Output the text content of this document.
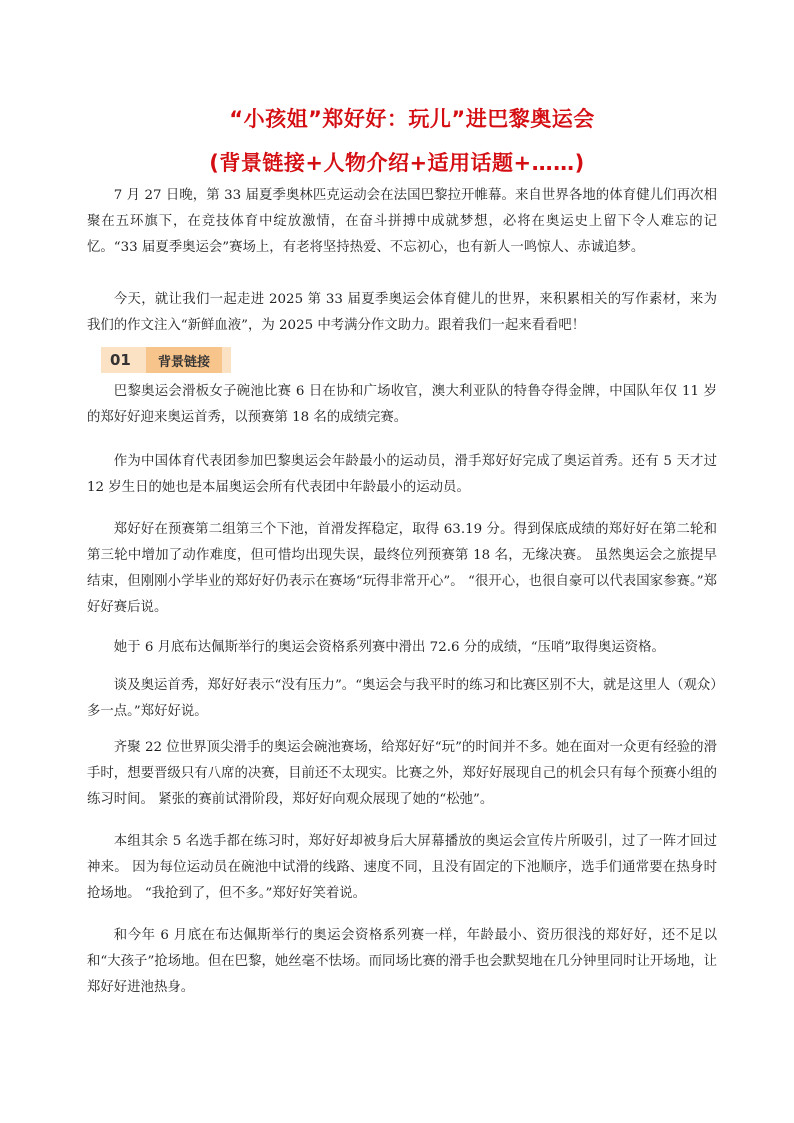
“小孩姐”郑好好：玩儿”进巴黎奥运会
(背景链接+人物介绍+适用话题+……)

7 月 27 日晚，第 33 届夏季奥林匹克运动会在法国巴黎拉开帷幕。来自世界各地的体育健儿们再次相聚在五环旗下，在竞技体育中绽放激情，在奋斗拼搏中成就梦想，必将在奥运史上留下令人难忘的记忆。“33 届夏季奥运会”赛场上，有老将坚持热爱、不忘初心，也有新人一鸣惊人、赤诚追梦。

今天，就让我们一起走进 2025 第 33 届夏季奥运会体育健儿的世界，来积累相关的写作素材，来为我们的作文注入“新鲜血液”，为 2025 中考满分作文助力。跟着我们一起来看看吧！

01	背景链接

巴黎奥运会滑板女子碗池比赛 6 日在协和广场收官，澳大利亚队的特鲁夺得金牌，中国队年仅 11 岁的郑好好迎来奥运首秀，以预赛第 18 名的成绩完赛。

作为中国体育代表团参加巴黎奥运会年龄最小的运动员，滑手郑好好完成了奥运首秀。还有 5 天才过 12 岁生日的她也是本届奥运会所有代表团中年龄最小的运动员。

郑好好在预赛第二组第三个下池，首滑发挥稳定，取得 63.19 分。得到保底成绩的郑好好在第二轮和第三轮中增加了动作难度，但可惜均出现失误，最终位列预赛第 18 名，无缘决赛。 虽然奥运会之旅提早结束，但刚刚小学毕业的郑好好仍表示在赛场“玩得非常开心”。 “很开心，也很自豪可以代表国家参赛。”郑好好赛后说。

她于 6 月底布达佩斯举行的奥运会资格系列赛中滑出 72.6 分的成绩，“压哨”取得奥运资格。

谈及奥运首秀，郑好好表示“没有压力”。“奥运会与我平时的练习和比赛区别不大，就是这里人（观众）多一点。”郑好好说。

齐聚 22 位世界顶尖滑手的奥运会碗池赛场，给郑好好“玩”的时间并不多。她在面对一众更有经验的滑手时，想要晋级只有八席的决赛，目前还不太现实。比赛之外，郑好好展现自己的机会只有每个预赛小组的练习时间。 紧张的赛前试滑阶段，郑好好向观众展现了她的“松弛”。

本组其余 5 名选手都在练习时，郑好好却被身后大屏幕播放的奥运会宣传片所吸引，过了一阵才回过神来。 因为每位运动员在碗池中试滑的线路、速度不同，且没有固定的下池顺序，选手们通常要在热身时抢场地。 “我抢到了，但不多。”郑好好笑着说。

和今年 6 月底在布达佩斯举行的奥运会资格系列赛一样，年龄最小、资历很浅的郑好好，还不足以和“大孩子”抢场地。但在巴黎，她丝毫不怯场。而同场比赛的滑手也会默契地在几分钟里同时让开场地，让郑好好进池热身。
